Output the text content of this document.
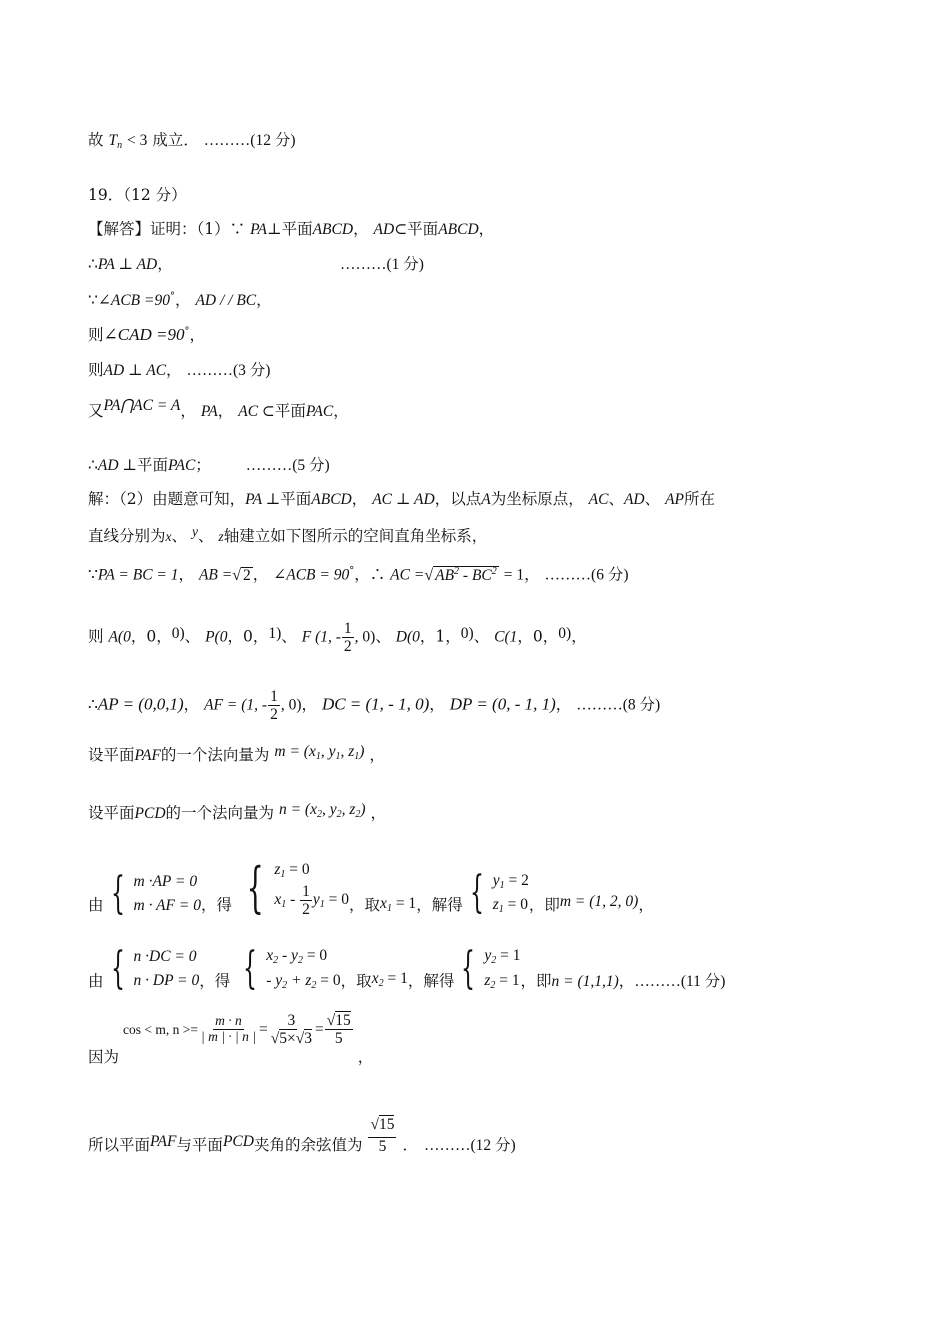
故 $T_n < 3$ 成立． ………(12 分)
19．（12 分）
【解答】证明：（1）∵ PA⊥平面ABCD， AD⊂平面ABCD，
∴PA ⊥ AD，	………(1 分)
∵∠ACB =90°， AD / / BC，
则∠CAD =90°，
则AD ⊥ AC， ………(3 分)
又PA⋂AC = A， PA， AC ⊂平面PAC，
∴AD ⊥平面PAC； ………(5 分)
解：（2）由题意可知，PA ⊥平面ABCD， AC ⊥ AD，以点A为坐标原点， AC、AD、 AP所在
直线分别为x、 y、 z轴建立如下图所示的空间直角坐标系，
∵PA = BC = 1， AB = √ 2 ， ∠ACB = 90°，∴ AC = √ $AB^2 - BC^2 = 1$， ………(6 分)
则 A(0，0，0)、 P(0，0，1)、 F (1, - $\frac{1}{2}$ , 0)、 D(0，1，0)、 C(1，0，0)，
∴AP = (0,0,1)， AF = (1, - $\frac{1}{2}$ , 0)， DC = (1, - 1, 0)， DP = (0, - 1, 1)， ………(8 分)
设平面PAF的一个法向量为 $m = (x_1$, $y_1$, $z_1$) ，
设平面PCD的一个法向量为 $n = (x_2$, $y_2$, $z_2$) ，
由 { m ·AP = 0
m · AF = 0 ，得 { $z_1 = 0$
$x_1 - \frac{1}{2} y_1 = 0$ ，取 $x_1 = 1$ ，解得 { $y_1 = 2$
$z_1 = 0$ ，即 m = (1, 2, 0) ，
由 { n ·DC = 0
n · DP = 0 ，得 { $x_2 - y_2 = 0$
- $y_2 + z_2 = 0$ ，取 $x_2 = 1$ ，解得 { $y_2 = 1$
$z_2 = 1$ ，即 n = (1,1,1) ， ………(11 分)
因为
cos < m, $n >= \frac{m \cdot n}{| m | \cdot | n |} = \frac{3}{√5\times√3} = \frac{√15}{5}$
，
所以平面 PAF 与平面 PCD 夹角的余弦值为 $\frac{√15}{5}$ ． ………(12 分)
